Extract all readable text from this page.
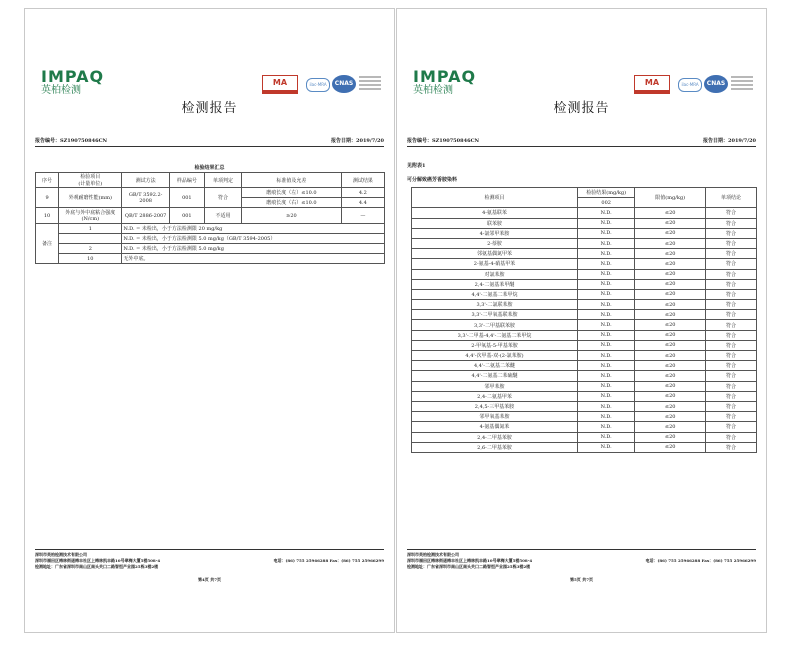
IMPAQ
英柏检测
MA	ilac-MRA	CNAS
检测报告
报告编号：SZ190750846CN	报告日期：2019/7/20
检验结果汇总
序号	检验项目
(计量单位)	测试方法	样品编号	单项判定	标准值及允差	测试结果
9	外观耐磨性能(mm)	GB/T 3592.2-2008	001	符合	磨痕长度（左）≤10.0	4.2
					磨痕长度（右）≤10.0	4.4
10	外底与外中底粘合强度(N/cm)	QB/T 2886-2007	001	不适用	≥20	—
备注	1	N.D. = 未检出，小于方法检测限 20 mg/kg				
		N.D. = 未检出，小于方法检测限 5.0 mg/kg（GB/T 3594-2005）				
	2	N.D. = 未检出，小于方法检测限 5.0 mg/kg				
	10	无外中底。				
深圳市英柏检测技术有限公司
深圳市福田区梅林街道梅丰社区上梅林凯丰路10号翠梅大厦5楼508-4
检测地址：广东省深圳市南山区南头关口二路智恒产业园25栋3楼2楼
电话：(86) 755 25966288 Fax：(86) 755 25966299
第4页 共7页
IMPAQ
英柏检测
MA	ilac-MRA	CNAS
检测报告
报告编号：SZ190750846CN	报告日期：2019/7/20
见附表1
可分解致癌芳香胺染料
检测项目	检验结果(mg/kg)	限值(mg/kg)	单项结论
	002		
4-氨基联苯	N.D.	≤20	符合
联苯胺	N.D.	≤20	符合
4-氯邻甲苯胺	N.D.	≤20	符合
2-萘胺	N.D.	≤20	符合
邻氨基偶氮甲苯	N.D.	≤20	符合
2-氨基-4-硝基甲苯	N.D.	≤20	符合
对氯苯胺	N.D.	≤20	符合
2,4-二氨基苯甲醚	N.D.	≤20	符合
4,4'-二氨基二苯甲烷	N.D.	≤20	符合
3,3'-二氯联苯胺	N.D.	≤20	符合
3,3'-二甲氧基联苯胺	N.D.	≤20	符合
3,3'-二甲基联苯胺	N.D.	≤20	符合
3,3'-二甲基-4,4'-二氨基二苯甲烷	N.D.	≤20	符合
2-甲氧基-5-甲基苯胺	N.D.	≤20	符合
4,4'-次甲基-双-(2-氯苯胺)	N.D.	≤20	符合
4,4'-二氨基二苯醚	N.D.	≤20	符合
4,4'-二氨基二苯硫醚	N.D.	≤20	符合
邻甲苯胺	N.D.	≤20	符合
2,4-二氨基甲苯	N.D.	≤20	符合
2,4,5-三甲基苯胺	N.D.	≤20	符合
邻甲氧基苯胺	N.D.	≤20	符合
4-氨基偶氮苯	N.D.	≤20	符合
2,4-二甲基苯胺	N.D.	≤20	符合
2,6-二甲基苯胺	N.D.	≤20	符合
深圳市英柏检测技术有限公司
深圳市福田区梅林街道梅丰社区上梅林凯丰路10号翠梅大厦5楼508-4
检测地址：广东省深圳市南山区南头关口二路智恒产业园25栋3楼2楼
电话：(86) 755 25966288 Fax：(86) 755 25966299
第5页 共7页
